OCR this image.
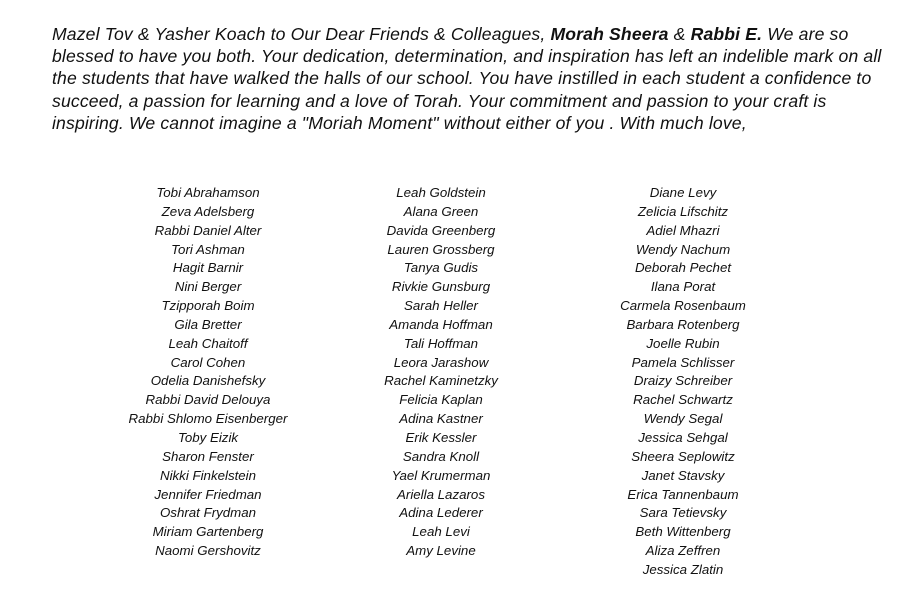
Mazel Tov & Yasher Koach to Our Dear Friends & Colleagues, Morah Sheera & Rabbi E. We are so blessed to have you both. Your dedication, determination, and inspiration has left an indelible mark on all the students that have walked the halls of our school. You have instilled in each student a confidence to succeed, a passion for learning and a love of Torah. Your commitment and passion to your craft is inspiring. We cannot imagine a "Moriah Moment" without either of you . With much love,
Tobi Abrahamson
Zeva Adelsberg
Rabbi Daniel Alter
Tori Ashman
Hagit Barnir
Nini Berger
Tzipporah Boim
Gila Bretter
Leah Chaitoff
Carol Cohen
Odelia Danishefsky
Rabbi David Delouya
Rabbi Shlomo Eisenberger
Toby Eizik
Sharon Fenster
Nikki Finkelstein
Jennifer Friedman
Oshrat Frydman
Miriam Gartenberg
Naomi Gershovitz
Leah Goldstein
Alana Green
Davida Greenberg
Lauren Grossberg
Tanya Gudis
Rivkie Gunsburg
Sarah Heller
Amanda Hoffman
Tali Hoffman
Leora Jarashow
Rachel Kaminetzky
Felicia Kaplan
Adina Kastner
Erik Kessler
Sandra Knoll
Yael Krumerman
Ariella Lazaros
Adina Lederer
Leah Levi
Amy Levine
Diane Levy
Zelicia Lifschitz
Adiel Mhazri
Wendy Nachum
Deborah Pechet
Ilana Porat
Carmela Rosenbaum
Barbara Rotenberg
Joelle Rubin
Pamela Schlisser
Draizy Schreiber
Rachel Schwartz
Wendy Segal
Jessica Sehgal
Sheera Seplowitz
Janet Stavsky
Erica Tannenbaum
Sara Tetievsky
Beth Wittenberg
Aliza Zeffren
Jessica Zlatin
